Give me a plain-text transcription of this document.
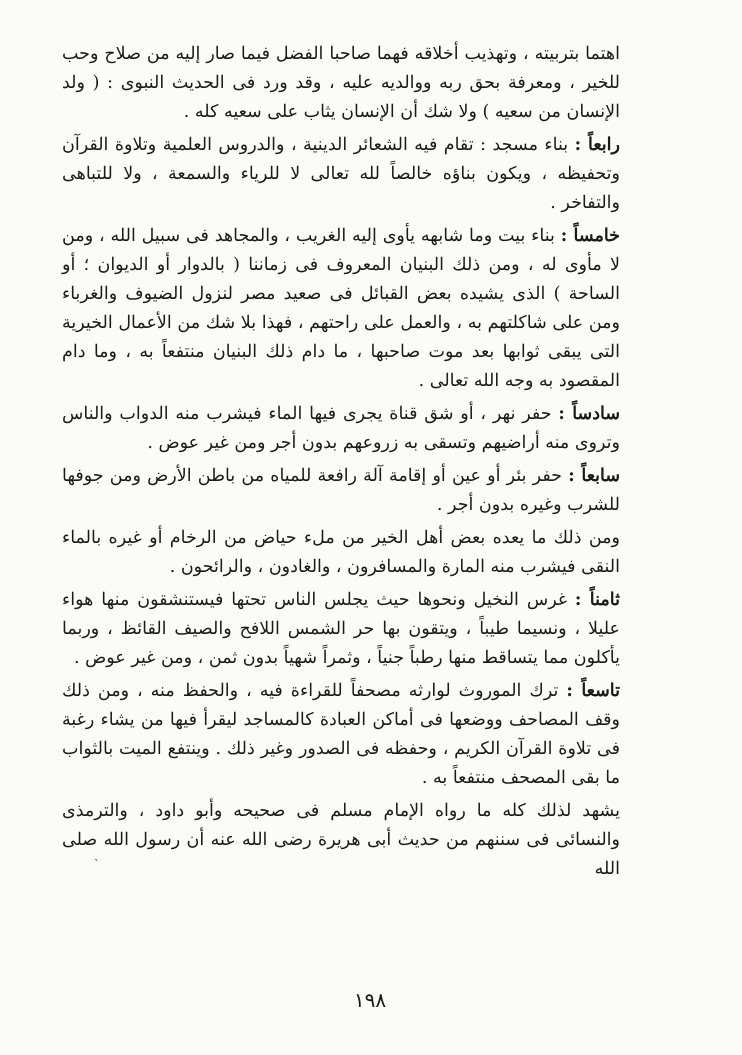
اهتما بتربيته ، وتهذيب أخلاقه فهما صاحبا الفضل فيما صار إليه من صلاح وحب للخير ، ومعرفة بحق ربه ووالديه عليه ، وقد ورد فى الحديث النبوى : ( ولد الإنسان من سعيه ) ولا شك أن الإنسان يثاب على سعيه كله .

رابعاً : بناء مسجد : تقام فيه الشعائر الدينية ، والدروس العلمية وتلاوة القرآن وتحفيظه ، ويكون بناؤه خالصاً لله تعالى لا للرياء والسمعة ، ولا للتباهى والتفاخر .

خامساً : بناء بيت وما شابهه يأوى إليه الغريب ، والمجاهد فى سبيل الله ، ومن لا مأوى له ، ومن ذلك البنيان المعروف فى زماننا ( بالدوار أو الديوان ؛ أو الساحة ) الذى يشيده بعض القبائل فى صعيد مصر لنزول الضيوف والغرباء ومن على شاكلتهم به ، والعمل على راحتهم ، فهذا بلا شك من الأعمال الخيرية التى يبقى ثوابها بعد موت صاحبها ، ما دام ذلك البنيان منتفعاً به ، وما دام المقصود به وجه الله تعالى .

سادساً : حفر نهر ، أو شق قناة يجرى فيها الماء فيشرب منه الدواب والناس وتروى منه أراضيهم وتسقى به زروعهم بدون أجر ومن غير عوض .

سابعاً : حفر بئر أو عين أو إقامة آلة رافعة للمياه من باطن الأرض ومن جوفها للشرب وغيره بدون أجر .

ومن ذلك ما يعده بعض أهل الخير من ملء حياض من الرخام أو غيره بالماء النقى فيشرب منه المارة والمسافرون ، والغادون ، والرائحون .

ثامناً : غرس النخيل ونحوها حيث يجلس الناس تحتها فيستنشقون منها هواء عليلا ، ونسيما طيباً ، ويتقون بها حر الشمس اللافح والصيف القائظ ، وربما يأكلون مما يتساقط منها رطباً جنياً ، وثمراً شهياً بدون ثمن ، ومن غير عوض .

تاسعاً : ترك الموروث لوارثه مصحفاً للقراءة فيه ، والحفظ منه ، ومن ذلك وقف المصاحف ووضعها فى أماكن العبادة كالمساجد ليقرأ فيها من يشاء رغبة فى تلاوة القرآن الكريم ، وحفظه فى الصدور وغير ذلك . وينتفع الميت بالثواب ما بقى المصحف منتفعاً به .

يشهد لذلك كله ما رواه الإمام مسلم فى صحيحه وأبو داود ، والترمذى والنسائى فى سننهم من حديث أبى هريرة رضى الله عنه أن رسول الله صلى الله

ˏ
١٩٨
